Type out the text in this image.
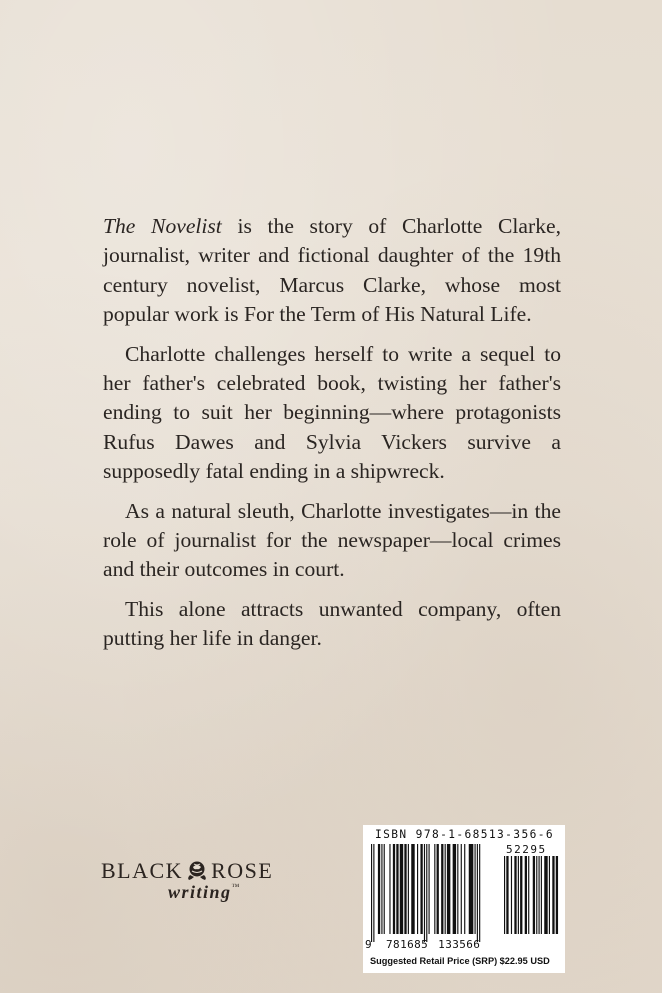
The Novelist is the story of Charlotte Clarke, journalist, writer and fictional daughter of the 19th century novelist, Marcus Clarke, whose most popular work is For the Term of His Natural Life.

Charlotte challenges herself to write a sequel to her father's celebrated book, twisting her father's ending to suit her beginning—where protagonists Rufus Dawes and Sylvia Vickers survive a supposedly fatal ending in a shipwreck.

As a natural sleuth, Charlotte investigates—in the role of journalist for the newspaper—local crimes and their outcomes in court.

This alone attracts unwanted company, often putting her life in danger.

BLACK ROSE
writing™
ISBN 978-1-68513-356-6
52295
9 781685 133566
Suggested Retail Price (SRP) $22.95 USD
